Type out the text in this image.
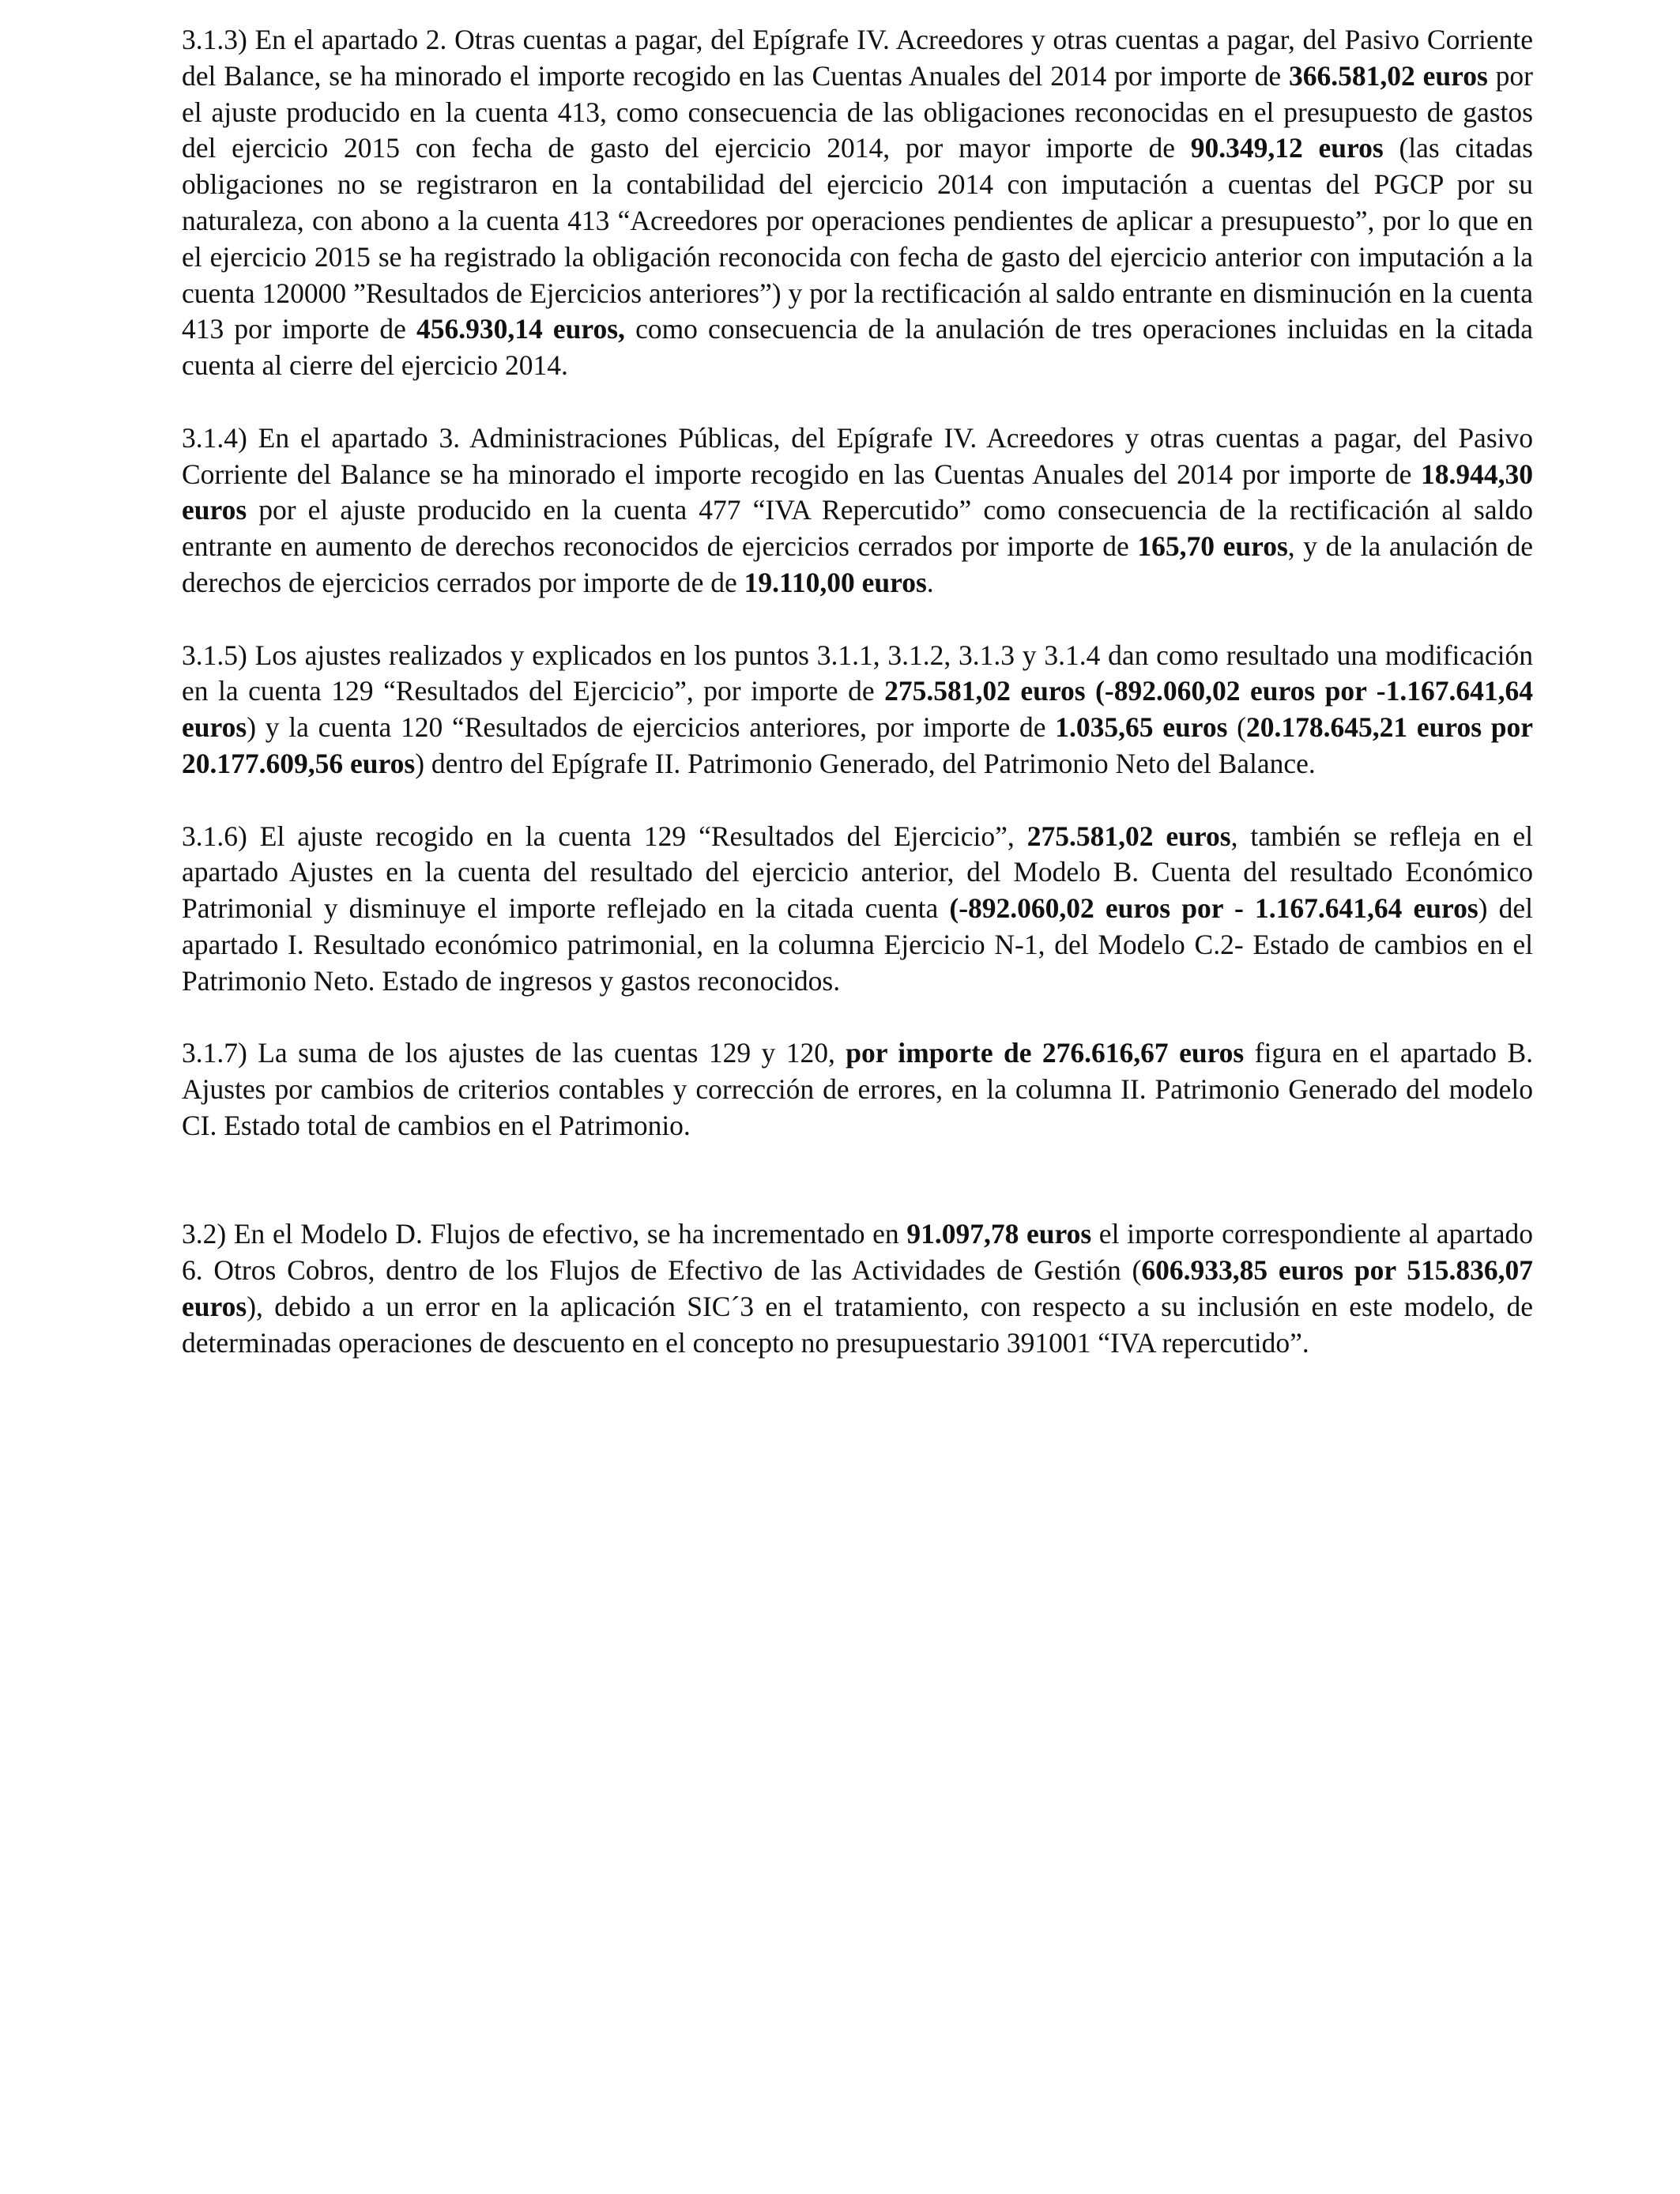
3.1.3) En el apartado 2. Otras cuentas a pagar, del Epígrafe IV. Acreedores y otras cuentas a pagar, del Pasivo Corriente del Balance, se ha minorado el importe recogido en las Cuentas Anuales del 2014 por importe de 366.581,02 euros por el ajuste producido en la cuenta 413, como consecuencia de las obligaciones reconocidas en el presupuesto de gastos del ejercicio 2015 con fecha de gasto del ejercicio 2014, por mayor importe de 90.349,12 euros (las citadas obligaciones no se registraron en la contabilidad del ejercicio 2014 con imputación a cuentas del PGCP por su naturaleza, con abono a la cuenta 413 “Acreedores por operaciones pendientes de aplicar a presupuesto”, por lo que en el ejercicio 2015 se ha registrado la obligación reconocida con fecha de gasto del ejercicio anterior con imputación a la cuenta 120000 ”Resultados de Ejercicios anteriores”) y por la rectificación al saldo entrante en disminución en la cuenta 413 por importe de 456.930,14 euros, como consecuencia de la anulación de tres operaciones incluidas en la citada cuenta al cierre del ejercicio 2014.

3.1.4) En el apartado 3. Administraciones Públicas, del Epígrafe IV. Acreedores y otras cuentas a pagar, del Pasivo Corriente del Balance se ha minorado el importe recogido en las Cuentas Anuales del 2014 por importe de 18.944,30 euros por el ajuste producido en la cuenta 477 “IVA Repercutido” como consecuencia de la rectificación al saldo entrante en aumento de derechos reconocidos de ejercicios cerrados por importe de 165,70 euros, y de la anulación de derechos de ejercicios cerrados por importe de de 19.110,00 euros.

3.1.5) Los ajustes realizados y explicados en los puntos 3.1.1, 3.1.2, 3.1.3 y 3.1.4 dan como resultado una modificación en la cuenta 129 “Resultados del Ejercicio”, por importe de 275.581,02 euros (-892.060,02 euros por -1.167.641,64 euros) y la cuenta 120 “Resultados de ejercicios anteriores, por importe de 1.035,65 euros (20.178.645,21 euros por 20.177.609,56 euros) dentro del Epígrafe II. Patrimonio Generado, del Patrimonio Neto del Balance.

3.1.6) El ajuste recogido en la cuenta 129 “Resultados del Ejercicio”, 275.581,02 euros, también se refleja en el apartado Ajustes en la cuenta del resultado del ejercicio anterior, del Modelo B. Cuenta del resultado Económico Patrimonial y disminuye el importe reflejado en la citada cuenta (-892.060,02 euros por - 1.167.641,64 euros) del apartado I. Resultado económico patrimonial, en la columna Ejercicio N-1, del Modelo C.2- Estado de cambios en el Patrimonio Neto. Estado de ingresos y gastos reconocidos.

3.1.7) La suma de los ajustes de las cuentas 129 y 120, por importe de 276.616,67 euros figura en el apartado B. Ajustes por cambios de criterios contables y corrección de errores, en la columna II. Patrimonio Generado del modelo CI. Estado total de cambios en el Patrimonio.

3.2) En el Modelo D. Flujos de efectivo, se ha incrementado en 91.097,78 euros el importe correspondiente al apartado 6. Otros Cobros, dentro de los Flujos de Efectivo de las Actividades de Gestión (606.933,85 euros por 515.836,07 euros), debido a un error en la aplicación SIC´3 en el tratamiento, con respecto a su inclusión en este modelo, de determinadas operaciones de descuento en el concepto no presupuestario 391001 “IVA repercutido”.
